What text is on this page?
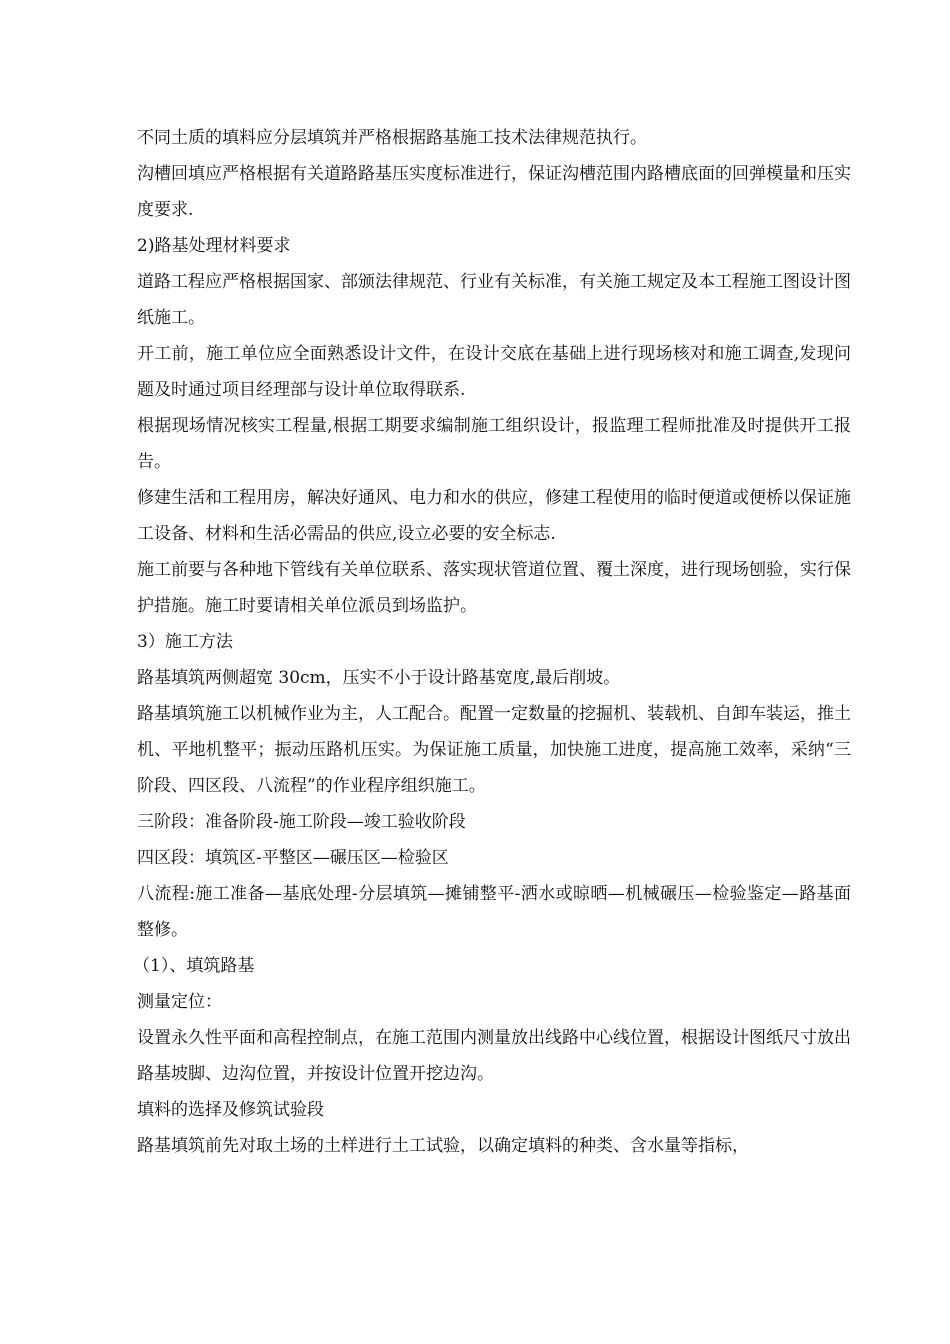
不同土质的填料应分层填筑并严格根据路基施工技术法律规范执行。

沟槽回填应严格根据有关道路路基压实度标准进行，保证沟槽范围内路槽底面的回弹模量和压实度要求.

2)路基处理材料要求

道路工程应严格根据国家、部颁法律规范、行业有关标准，有关施工规定及本工程施工图设计图纸施工。

开工前，施工单位应全面熟悉设计文件，在设计交底在基础上进行现场核对和施工调查,发现问题及时通过项目经理部与设计单位取得联系.

根据现场情况核实工程量,根据工期要求编制施工组织设计，报监理工程师批准及时提供开工报告。

修建生活和工程用房，解决好通风、电力和水的供应，修建工程使用的临时便道或便桥以保证施工设备、材料和生活必需品的供应,设立必要的安全标志.

施工前要与各种地下管线有关单位联系、落实现状管道位置、覆土深度，进行现场刨验，实行保护措施。施工时要请相关单位派员到场监护。

3）施工方法

路基填筑两侧超宽 30cm，压实不小于设计路基宽度,最后削坡。

路基填筑施工以机械作业为主，人工配合。配置一定数量的挖掘机、装载机、自卸车装运，推土机、平地机整平；振动压路机压实。为保证施工质量，加快施工进度，提高施工效率，采纳“三阶段、四区段、八流程”的作业程序组织施工。

三阶段：准备阶段-施工阶段—竣工验收阶段

四区段：填筑区-平整区—碾压区—检验区

八流程:施工准备—基底处理-分层填筑—摊铺整平-洒水或晾晒—机械碾压—检验鉴定—路基面整修。

（1）、填筑路基

测量定位：

设置永久性平面和高程控制点，在施工范围内测量放出线路中心线位置，根据设计图纸尺寸放出路基坡脚、边沟位置，并按设计位置开挖边沟。

填料的选择及修筑试验段

路基填筑前先对取土场的土样进行土工试验，以确定填料的种类、含水量等指标，
